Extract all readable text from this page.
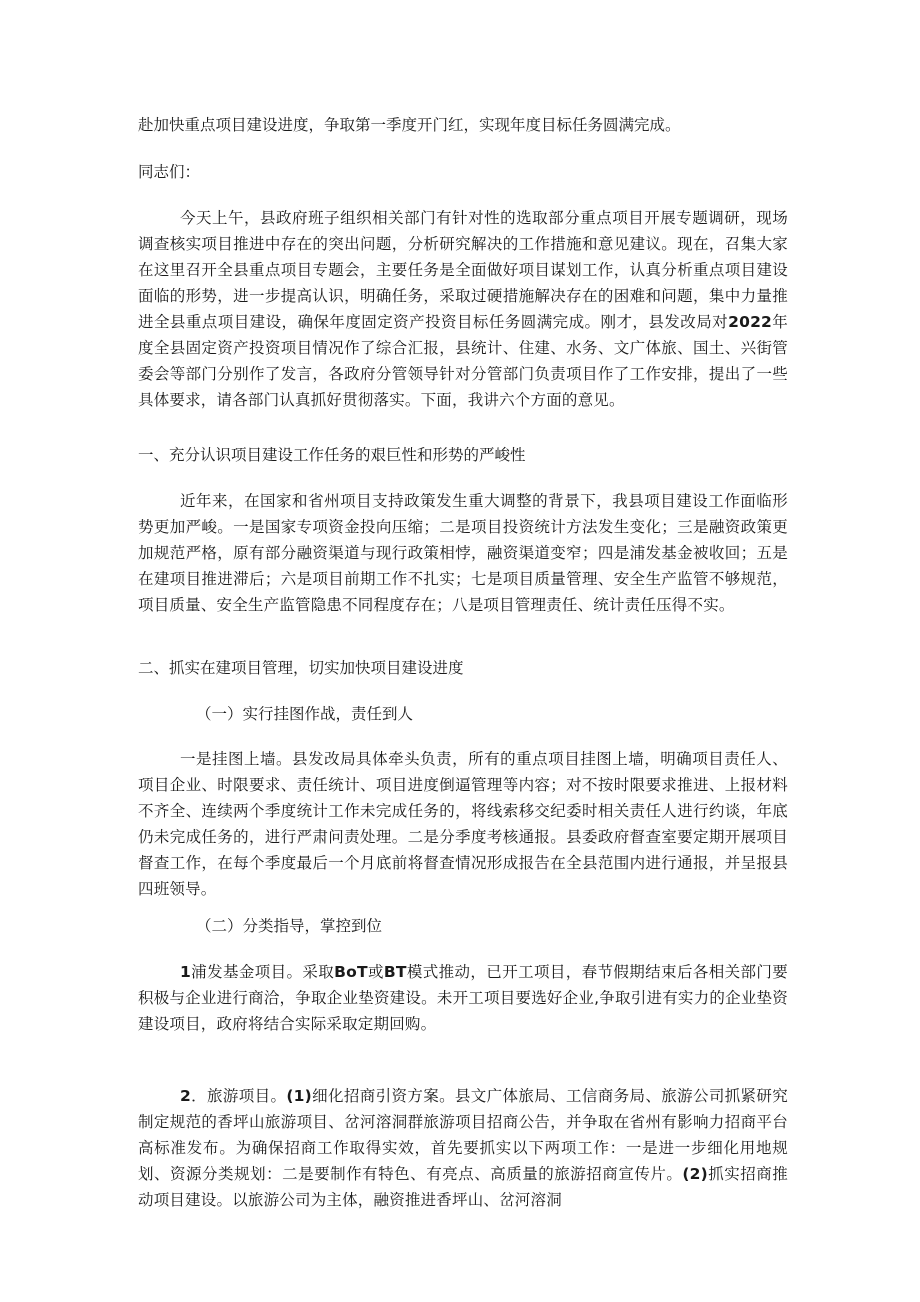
赴加快重点项目建设进度，争取第一季度开门红，实现年度目标任务圆满完成。

同志们：

今天上午，县政府班子组织相关部门有针对性的选取部分重点项目开展专题调研，现场调查核实项目推进中存在的突出问题，分析研究解决的工作措施和意见建议。现在，召集大家在这里召开全县重点项目专题会，主要任务是全面做好项目谋划工作，认真分析重点项目建设面临的形势，进一步提高认识，明确任务，采取过硬措施解决存在的困难和问题，集中力量推进全县重点项目建设，确保年度固定资产投资目标任务圆满完成。刚才，县发改局对2022年度全县固定资产投资项目情况作了综合汇报，县统计、住建、水务、文广体旅、国土、兴街管委会等部门分别作了发言，各政府分管领导针对分管部门负责项目作了工作安排，提出了一些具体要求，请各部门认真抓好贯彻落实。下面，我讲六个方面的意见。

一、充分认识项目建设工作任务的艰巨性和形势的严峻性

近年来，在国家和省州项目支持政策发生重大调整的背景下，我县项目建设工作面临形势更加严峻。一是国家专项资金投向压缩；二是项目投资统计方法发生变化；三是融资政策更加规范严格，原有部分融资渠道与现行政策相悖，融资渠道变窄；四是浦发基金被收回；五是在建项目推进滞后；六是项目前期工作不扎实；七是项目质量管理、安全生产监管不够规范，项目质量、安全生产监管隐患不同程度存在；八是项目管理责任、统计责任压得不实。

二、抓实在建项目管理，切实加快项目建设进度

（一）实行挂图作战，责任到人

一是挂图上墙。县发改局具体牵头负责，所有的重点项目挂图上墙，明确项目责任人、项目企业、时限要求、责任统计、项目进度倒逼管理等内容；对不按时限要求推进、上报材料不齐全、连续两个季度统计工作未完成任务的，将线索移交纪委时相关责任人进行约谈，年底仍未完成任务的，进行严肃问责处理。二是分季度考核通报。县委政府督查室要定期开展项目督查工作，在每个季度最后一个月底前将督查情况形成报告在全县范围内进行通报，并呈报县四班领导。

（二）分类指导，掌控到位

1浦发基金项目。采取BoT或BT模式推动，已开工项目，春节假期结束后各相关部门要积极与企业进行商洽，争取企业垫资建设。未开工项目要选好企业,争取引进有实力的企业垫资建设项目，政府将结合实际采取定期回购。

2．旅游项目。(1)细化招商引资方案。县文广体旅局、工信商务局、旅游公司抓紧研究制定规范的香坪山旅游项目、岔河溶洞群旅游项目招商公告，并争取在省州有影响力招商平台高标准发布。为确保招商工作取得实效，首先要抓实以下两项工作：一是进一步细化用地规划、资源分类规划：二是要制作有特色、有亮点、高质量的旅游招商宣传片。(2)抓实招商推动项目建设。以旅游公司为主体，融资推进香坪山、岔河溶洞
